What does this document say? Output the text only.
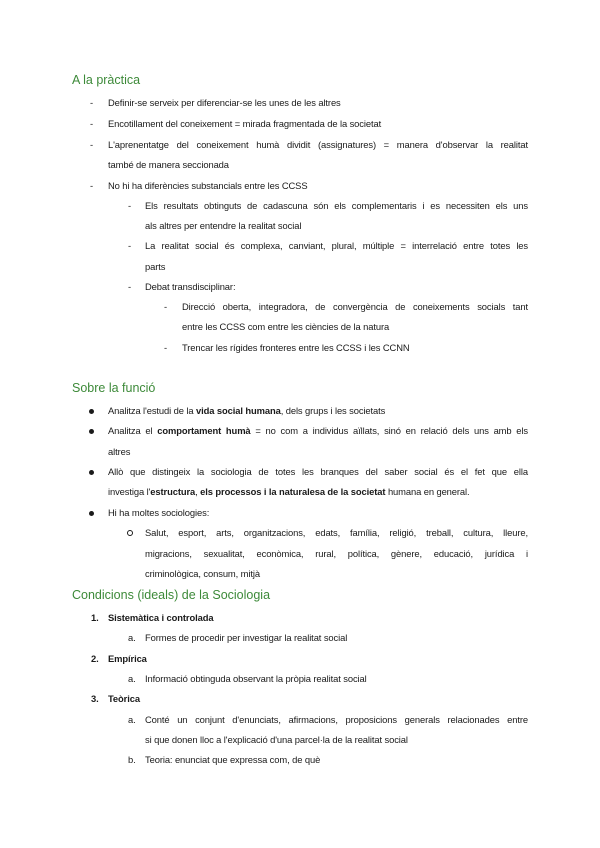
A la pràctica
- Definir-se serveix per diferenciar-se les unes de les altres
- Encotillament del coneixement = mirada fragmentada de la societat
- L'aprenentatge del coneixement humà dividit (assignatures) = manera d'observar la realitat
també de manera seccionada
- No hi ha diferències substancials entre les CCSS
- Els resultats obtinguts de cadascuna són els complementaris i es necessiten els uns
als altres per entendre la realitat social
- La realitat social és complexa, canviant, plural, múltiple = interrelació entre totes les
parts
- Debat transdisciplinar:
- Direcció oberta, integradora, de convergència de coneixements socials tant
entre les CCSS com entre les ciències de la natura
- Trencar les rígides fronteres entre les CCSS i les CCNN
Sobre la funció
Analitza l'estudi de la vida social humana, dels grups i les societats
Analitza el comportament humà = no com a individus aïllats, sinó en relació dels uns amb els
altres
Allò que distingeix la sociologia de totes les branques del saber social és el fet que ella
investiga l'estructura, els processos i la naturalesa de la societat humana en general.
Hi ha moltes sociologies:
Salut, esport, arts, organitzacions, edats, família, religió, treball, cultura, lleure,
migracions, sexualitat, econòmica, rural, política, gènere, educació, jurídica i
criminològica, consum, mitjà
Condicions (ideals) de la Sociologia
1. Sistemàtica i controlada
a. Formes de procedir per investigar la realitat social
2. Empírica
a. Informació obtinguda observant la pròpia realitat social
3. Teòrica
a. Conté un conjunt d'enunciats, afirmacions, proposicions generals relacionades entre
si que donen lloc a l'explicació d'una parcel·la de la realitat social
b. Teoria: enunciat que expressa com, de què
